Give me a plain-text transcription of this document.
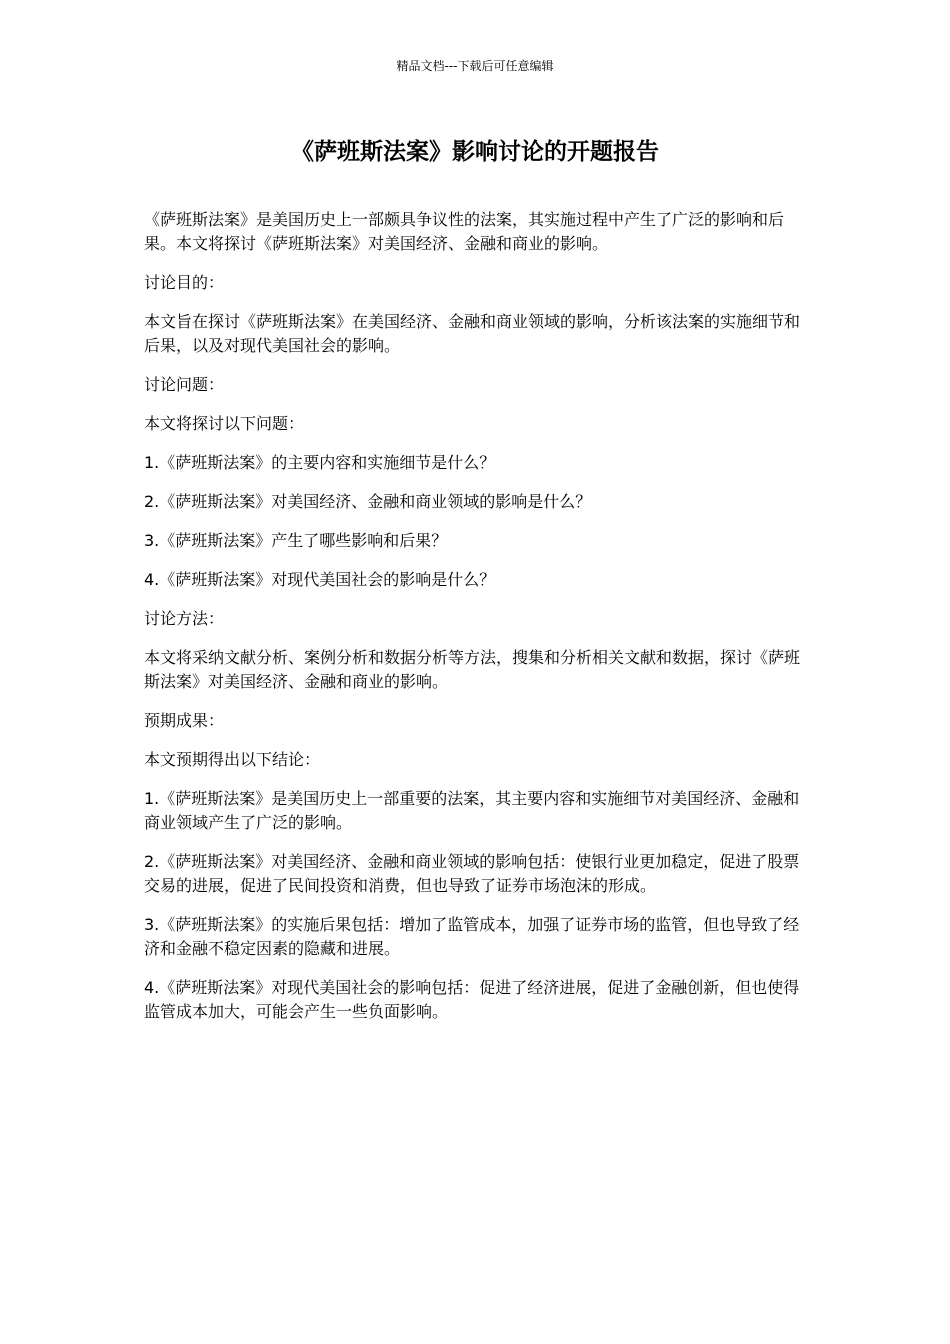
精品文档---下载后可任意编辑
《萨班斯法案》影响讨论的开题报告

《萨班斯法案》是美国历史上一部颇具争议性的法案，其实施过程中产生了广泛的影响和后果。本文将探讨《萨班斯法案》对美国经济、金融和商业的影响。

讨论目的：

本文旨在探讨《萨班斯法案》在美国经济、金融和商业领域的影响，分析该法案的实施细节和后果，以及对现代美国社会的影响。

讨论问题：

本文将探讨以下问题：

1.《萨班斯法案》的主要内容和实施细节是什么？

2.《萨班斯法案》对美国经济、金融和商业领域的影响是什么？

3.《萨班斯法案》产生了哪些影响和后果？

4.《萨班斯法案》对现代美国社会的影响是什么？

讨论方法：

本文将采纳文献分析、案例分析和数据分析等方法，搜集和分析相关文献和数据，探讨《萨班斯法案》对美国经济、金融和商业的影响。

预期成果：

本文预期得出以下结论：

1.《萨班斯法案》是美国历史上一部重要的法案，其主要内容和实施细节对美国经济、金融和商业领域产生了广泛的影响。

2.《萨班斯法案》对美国经济、金融和商业领域的影响包括：使银行业更加稳定，促进了股票交易的进展，促进了民间投资和消费，但也导致了证券市场泡沫的形成。

3.《萨班斯法案》的实施后果包括：增加了监管成本，加强了证券市场的监管，但也导致了经济和金融不稳定因素的隐藏和进展。

4.《萨班斯法案》对现代美国社会的影响包括：促进了经济进展，促进了金融创新，但也使得监管成本加大，可能会产生一些负面影响。
